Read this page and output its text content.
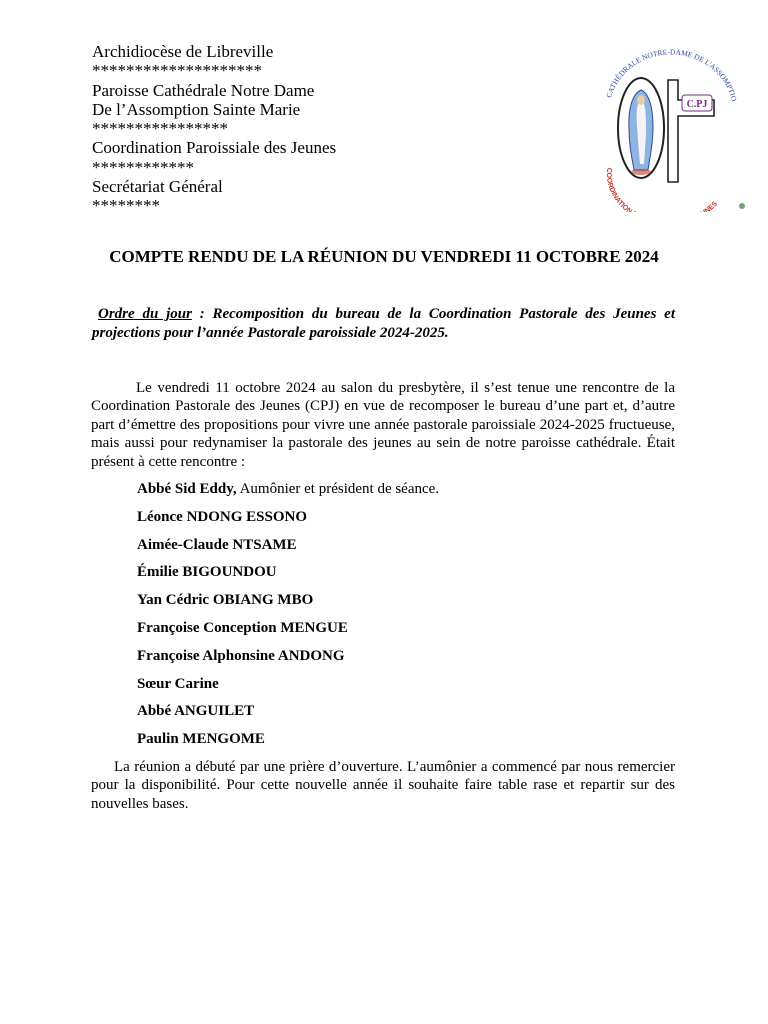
Archidiocèse de Libreville
********************
Paroisse Cathédrale Notre Dame
De l’Assomption Sainte Marie
****************
Coordination Paroissiale des Jeunes
************
Secrétariat Général
********
CATHÉDRALE NOTRE-DAME DE L'ASSOMPTIO
COORDINATION NES
C.PJ
COMPTE RENDU DE LA RÉUNION DU VENDREDI 11 OCTOBRE 2024
Ordre du jour : Recomposition du bureau de la Coordination Pastorale des Jeunes et projections pour l’année Pastorale paroissiale 2024-2025.
Le vendredi 11 octobre 2024 au salon du presbytère, il s’est tenue une rencontre de la Coordination Pastorale des Jeunes (CPJ) en vue de recomposer le bureau d’une part et, d’autre part d’émettre des propositions pour vivre une année pastorale paroissiale 2024-2025 fructueuse, mais aussi pour redynamiser la pastorale des jeunes au sein de notre paroisse cathédrale. Était présent à cette rencontre :
Abbé Sid Eddy, Aumônier et président de séance.
Léonce NDONG ESSONO
Aimée-Claude NTSAME
Émilie BIGOUNDOU
Yan Cédric OBIANG MBO
Françoise Conception MENGUE
Françoise Alphonsine ANDONG
Sœur Carine
Abbé ANGUILET
Paulin MENGOME
La réunion a débuté par une prière d’ouverture. L’aumônier a commencé par nous remercier pour la disponibilité. Pour cette nouvelle année il souhaite faire table rase et repartir sur des nouvelles bases.
